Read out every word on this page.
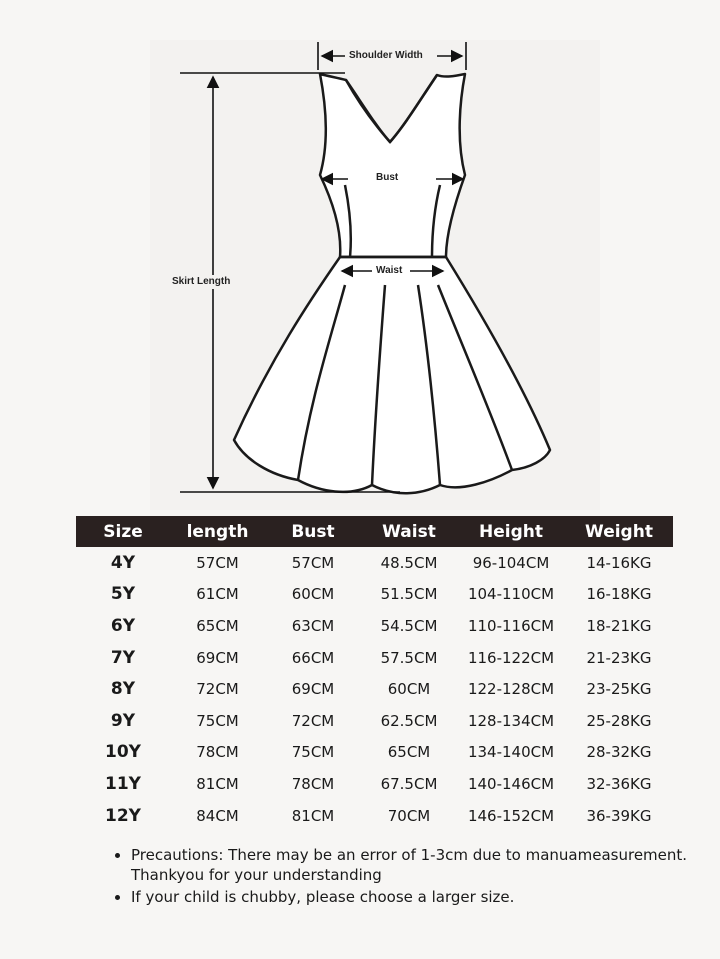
Shoulder Width
Bust
Waist
Skirt Length
Size	length	Bust	Waist	Height	Weight
4Y	57CM	57CM	48.5CM	96-104CM	14-16KG
5Y	61CM	60CM	51.5CM	104-110CM	16-18KG
6Y	65CM	63CM	54.5CM	110-116CM	18-21KG
7Y	69CM	66CM	57.5CM	116-122CM	21-23KG
8Y	72CM	69CM	60CM	122-128CM	23-25KG
9Y	75CM	72CM	62.5CM	128-134CM	25-28KG
10Y	78CM	75CM	65CM	134-140CM	28-32KG
11Y	81CM	78CM	67.5CM	140-146CM	32-36KG
12Y	84CM	81CM	70CM	146-152CM	36-39KG
• Precautions: There may be an error of 1-3cm due to manuameasurement. Thankyou for your understanding
• If your child is chubby, please choose a larger size.
